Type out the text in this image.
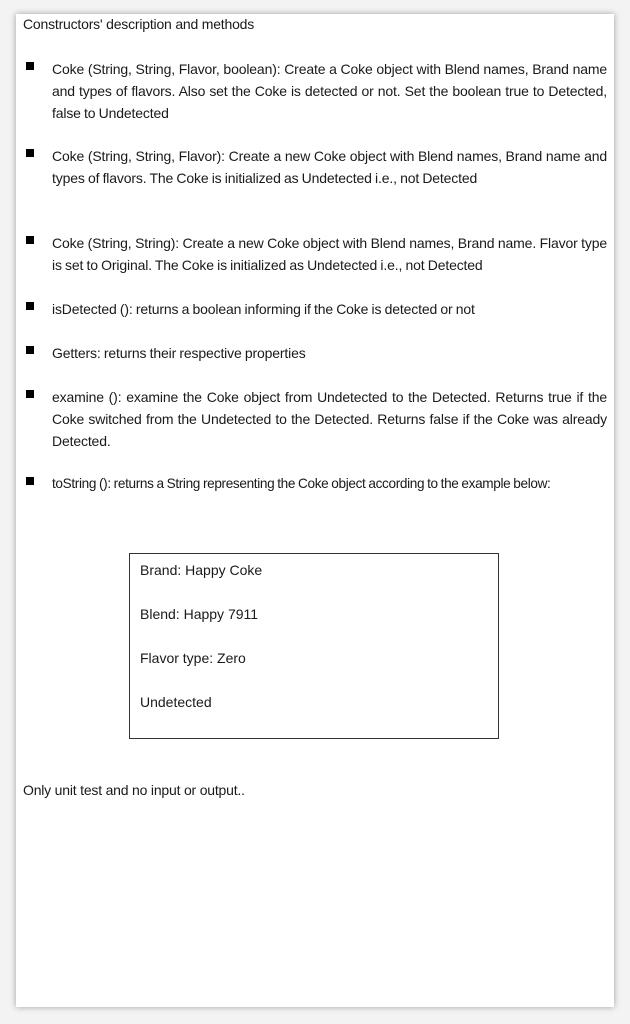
Constructors' description and methods
Coke (String, String, Flavor, boolean): Create a Coke object with Blend names, Brand name and types of flavors. Also set the Coke is detected or not. Set the boolean true to Detected, false to Undetected
Coke (String, String, Flavor): Create a new Coke object with Blend names, Brand name and types of flavors. The Coke is initialized as Undetected i.e., not Detected
Coke (String, String): Create a new Coke object with Blend names, Brand name. Flavor type is set to Original. The Coke is initialized as Undetected i.e., not Detected
isDetected (): returns a boolean informing if the Coke is detected or not
Getters: returns their respective properties
examine (): examine the Coke object from Undetected to the Detected. Returns true if the Coke switched from the Undetected to the Detected. Returns false if the Coke was already Detected.
toString (): returns a String representing the Coke object according to the example below:
Brand: Happy Coke
Blend: Happy 7911
Flavor type: Zero
Undetected
Only unit test and no input or output..
